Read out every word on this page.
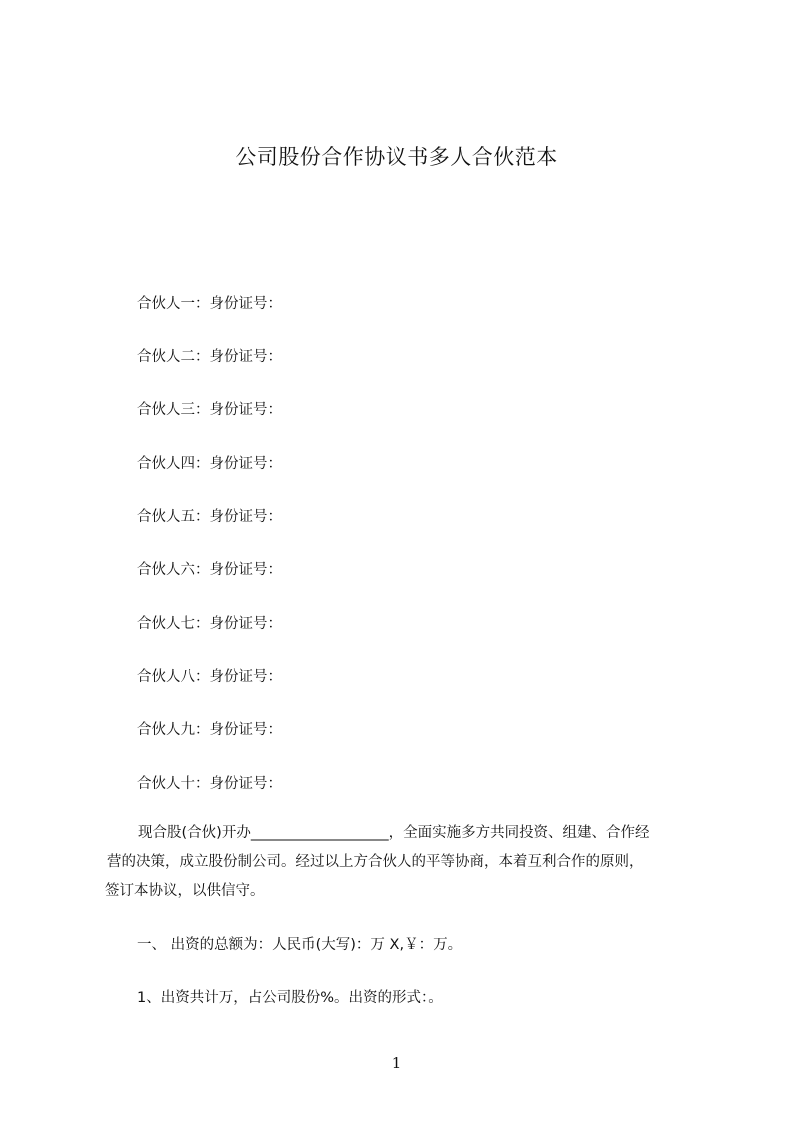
公司股份合作协议书多人合伙范本
合伙人一：身份证号：
合伙人二：身份证号：
合伙人三：身份证号：
合伙人四：身份证号：
合伙人五：身份证号：
合伙人六：身份证号：
合伙人七：身份证号：
合伙人八：身份证号：
合伙人九：身份证号：
合伙人十：身份证号：
现合股(合伙)开办___________________，全面实施多方共同投资、组建、合作经
营的决策，成立股份制公司。经过以上方合伙人的平等协商，本着互利合作的原则，
签订本协议，以供信守。
一、 出资的总额为：人民币(大写)：万 X,￥：万。
1、出资共计万，占公司股份%。出资的形式：。
1
